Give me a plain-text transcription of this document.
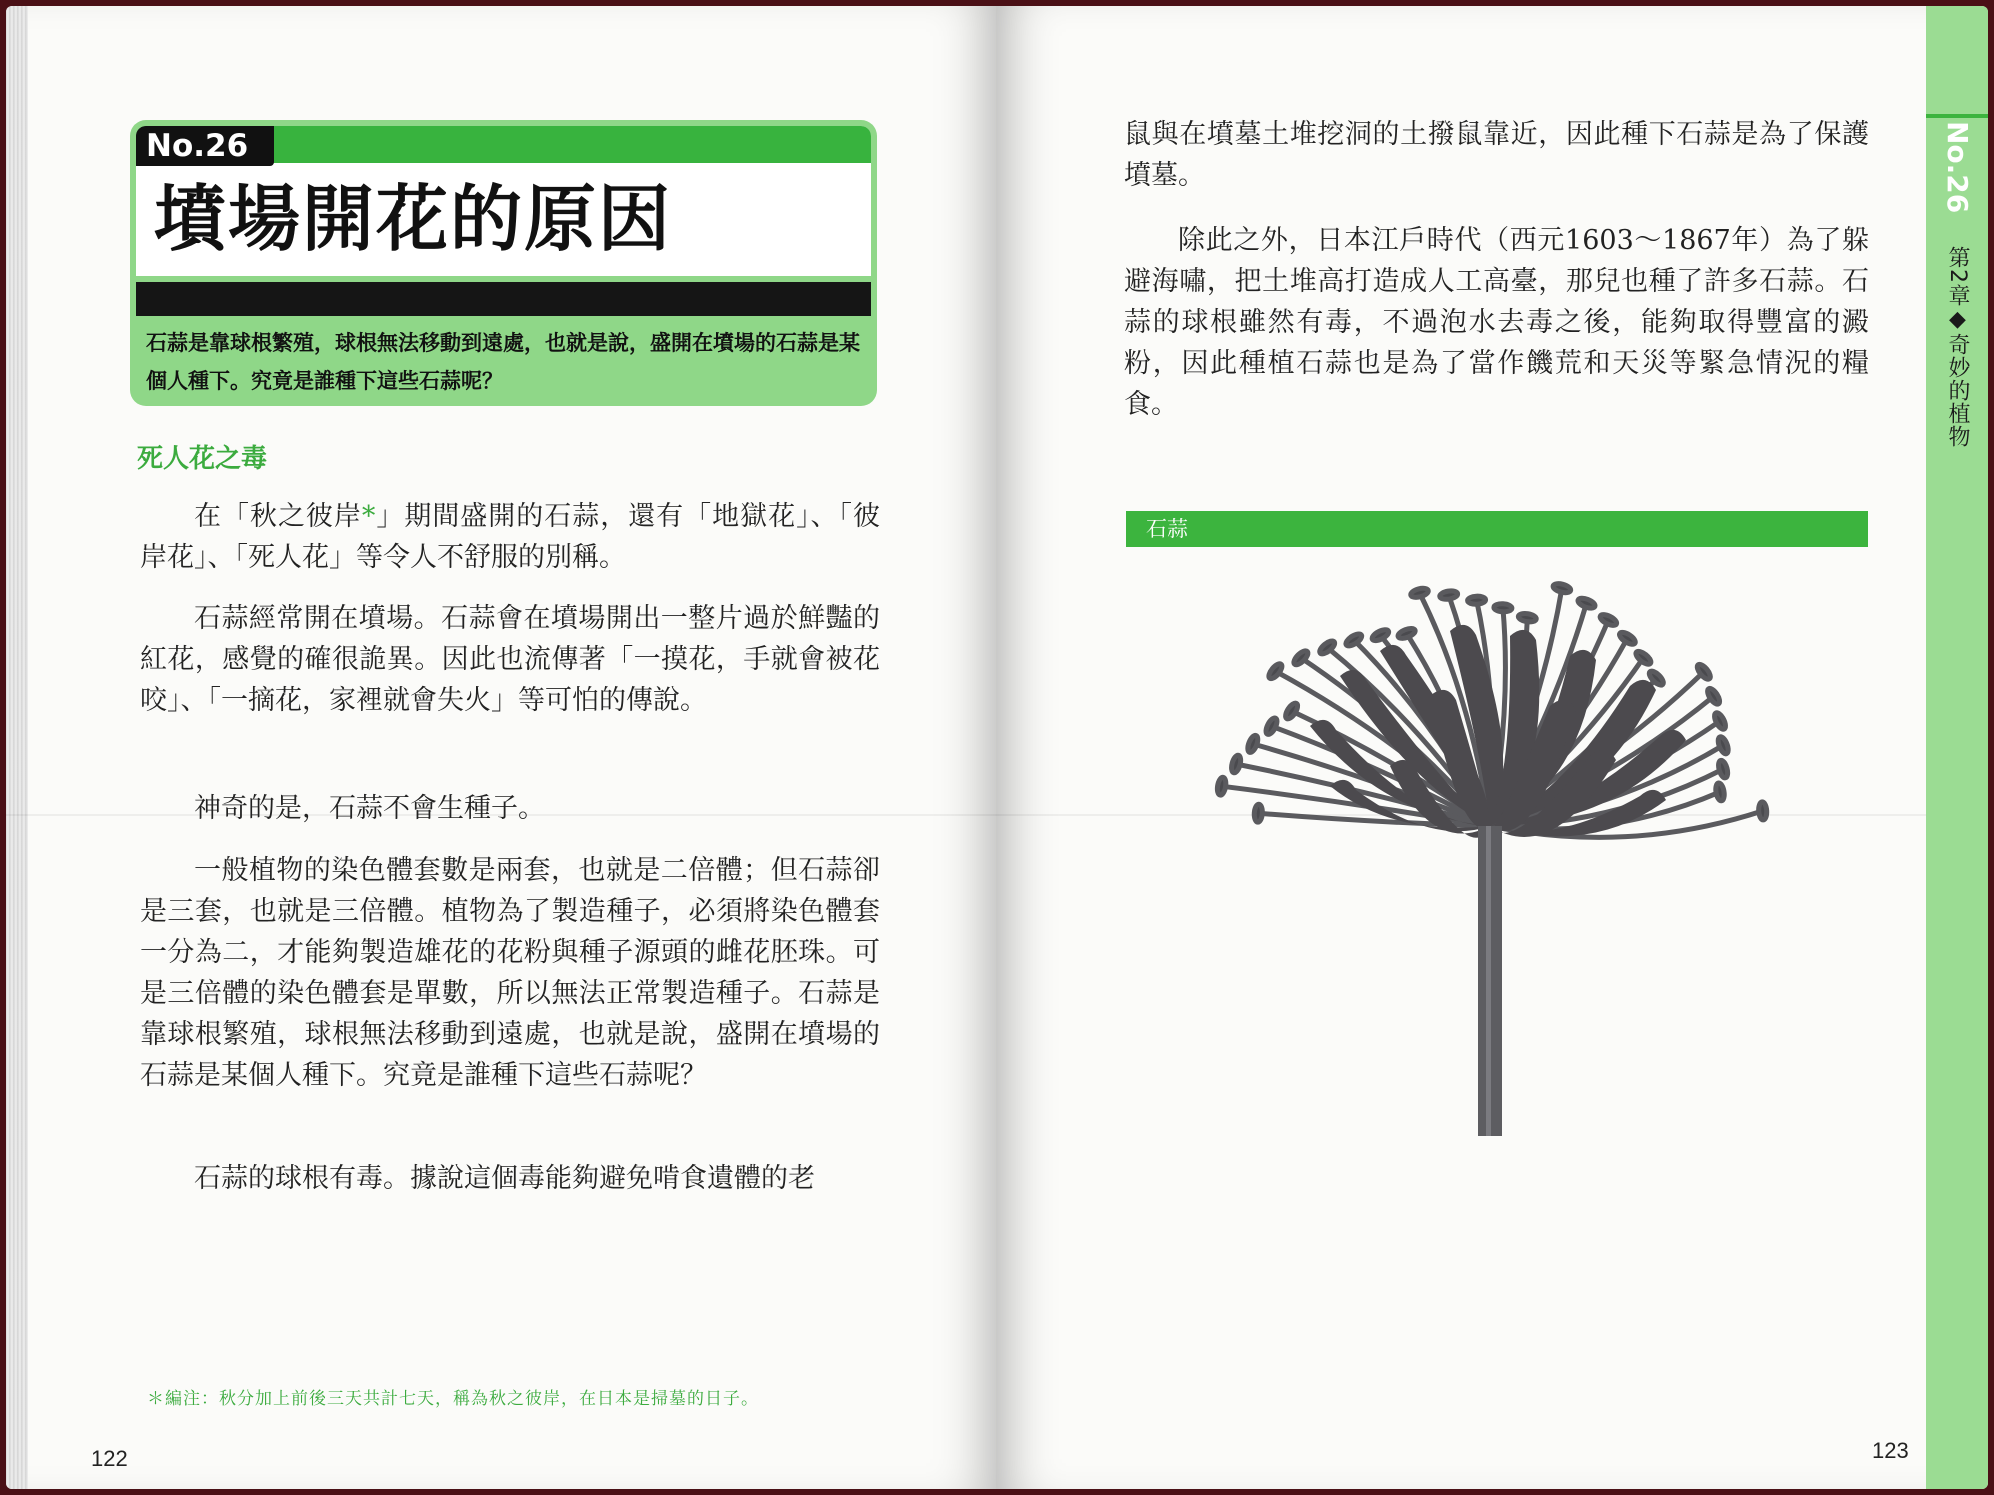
No.26
墳場開花的原因

石蒜是靠球根繁殖，球根無法移動到遠處，也就是說，盛開在墳場的石蒜是某個人種下。究竟是誰種下這些石蒜呢？

死人花之毒

在「秋之彼岸*」期間盛開的石蒜，還有「地獄花」、「彼岸花」、「死人花」等令人不舒服的別稱。

石蒜經常開在墳場。石蒜會在墳場開出一整片過於鮮豔的紅花，感覺的確很詭異。因此也流傳著「一摸花，手就會被花咬」、「一摘花，家裡就會失火」等可怕的傳說。

神奇的是，石蒜不會生種子。

一般植物的染色體套數是兩套，也就是二倍體；但石蒜卻是三套，也就是三倍體。植物為了製造種子，必須將染色體套一分為二，才能夠製造雄花的花粉與種子源頭的雌花胚珠。可是三倍體的染色體套是單數，所以無法正常製造種子。石蒜是靠球根繁殖，球根無法移動到遠處，也就是說，盛開在墳場的石蒜是某個人種下。究竟是誰種下這些石蒜呢？

石蒜的球根有毒。據說這個毒能夠避免啃食遺體的老

＊編注：秋分加上前後三天共計七天，稱為秋之彼岸，在日本是掃墓的日子。

122

鼠與在墳墓土堆挖洞的土撥鼠靠近，因此種下石蒜是為了保護墳墓。

除此之外，日本江戶時代（西元1603～1867年）為了躲避海嘯，把土堆高打造成人工高臺，那兒也種了許多石蒜。石蒜的球根雖然有毒，不過泡水去毒之後，能夠取得豐富的澱粉，因此種植石蒜也是為了當作饑荒和天災等緊急情況的糧食。

石蒜

No.26
第2章◆奇妙的植物
123
